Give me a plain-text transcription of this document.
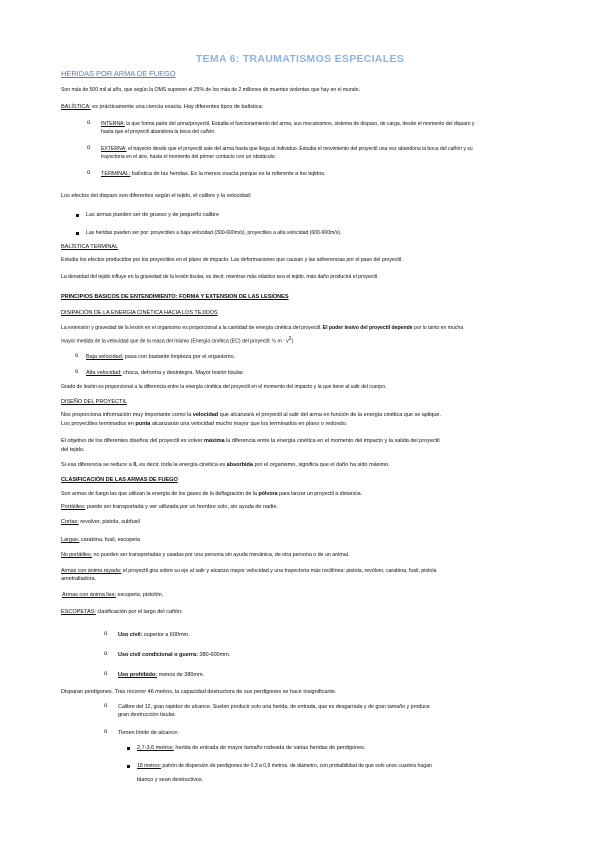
TEMA 6: TRAUMATISMOS ESPECIALES
HERIDAS POR ARMA DE FUEGO
Son más de 500 mil al año, que según la OMS suponen el 25% de los más de 2 millones de muertes violentas que hay en el mundo.
BALÍSTICA: es prácticamente una ciencia exacta. Hay diferentes tipos de balística:
o INTERNA: la que forma parte del arma/proyectil. Estudia el funcionamiento del arma, sus mecanismos, sistema de disparo, de carga, desde el momento del disparo y
hasta que el proyectil abandona la boca del cañón.
o EXTERNA: el trayecto desde que el proyectil sale del arma hasta que llega al individuo. Estudia el movimiento del proyectil una vez abandona la boca del cañón y su
trayectoria en el aire, hasta el momento del primer contacto con un obstáculo.
o TERMINAL: balística de las heridas. Es la menos exacta porque es la referente a los tejidos.
Los efectos del disparo son diferentes según el tejido, el calibre y la velocidad:
Las armas pueden ser de grueso y de pequeño calibre
Las heridas pueden ser por: proyectiles a baja velocidad (300-600m/s), proyectiles a alta velocidad (600-900m/s).
BALÍSTICA TERMINAL
Estudia los efectos producidos por los proyectiles en el plano de impacto. Las deformaciones que causan y las adherencias por el paso del proyectil.
La densidad del tejido influye en la gravedad de la lesión tisular, es decir, mientras más elástico sea el tejido, más daño producirá el proyectil.
PRINCIPIOS BASICOS DE ENTENDIMIENTO: FORMA Y EXTENSION DE LAS LESIONES
DISIPACIÓN DE LA ENERGÍA CINÉTICA HACIA LOS TEJIDOS
La extensión y gravedad de la lesión en el organismo es proporcional a la cantidad de energía cinética del proyectil. El poder lesivo del proyectil depende por lo tanto en mucha
mayor medida de la velocidad que de la masa del mismo (Energía cinética (EC) del proyectil: ½ $m \cdot v^2$)
o Baja velocidad: pasa con bastante limpieza por el organismo.
o Alta velocidad: choca, deforma y desintegra. Mayor lesión tisular.
Grado de lesión es proporcional a la diferencia entre la energía cinética del proyectil en el momento del impacto y la que tiene al salir del cuerpo.
DISEÑO DEL PROYECTIL
Nos proporciona información muy importante como la velocidad que alcanzará el proyectil al salir del arma en función de la energía cinética que se aplique.
Los proyectiles terminados en punta alcanzarán una velocidad mucho mayor que los terminados en plano o redondo.
El objetivo de los diferentes diseños del proyectil es volver máxima la diferencia entre la energía cinética en el momento del impacto y la salida del proyectil
del tejido.
Si esa diferencia se reduce a 0, es decir, toda la energía cinética es absorbida por el organismo, significa que el daño ha sido máximo.
CLASIFICACIÓN DE LAS ARMAS DE FUEGO
Son armas de fuego las que utilizan la energía de los gases de la deflagración de la pólvora para lanzar un proyectil a distancia.
Portátiles: puede ser transportada y ser utilizada por un hombre solo, sin ayuda de nadie.
Cortas: revolver, pistola, subfusil
Largas: carabina, fusil, escopeta
No portátiles: no pueden ser transportadas y usadas por una persona sin ayuda mecánica, de otra persona o de un animal.
Armas con ánima rayada: el proyectil gira sobre su eje al salir y alcanza mayor velocidad y una trayectoria más rectilínea: pistola, revólver, carabina, fusil, pistola
ametralladora.
Armas con ánima lisa: escopeta, pistolón.
ESCOPETAS: clasificación por el largo del cañón:
o Uso civil: superior a 600mm.
o Uso civil condicional o guerra: 380-600mm.
o Uso prohibido: menos de 380mm.
Disparan perdigones. Tras recorrer 46 metros, la capacidad destructora de sus perdigones se hace insignificante.
o Calibre del 12, gran rapidez de alcance. Suelen producir solo una herida, de entrada, que es desgarrada y de gran tamaño y produce
gran destrucción tisular.
o Tienen límite de alcance:
2,7-3,6 metros: herida de entrada de mayor tamaño rodeada de varias heridas de perdigones.
18 metros: patrón de dispersión de perdigones de 0,3 a 0,9 metros. de diámetro, con probabilidad de que solo unos cuantos hagan
blanco y sean destructivos.
